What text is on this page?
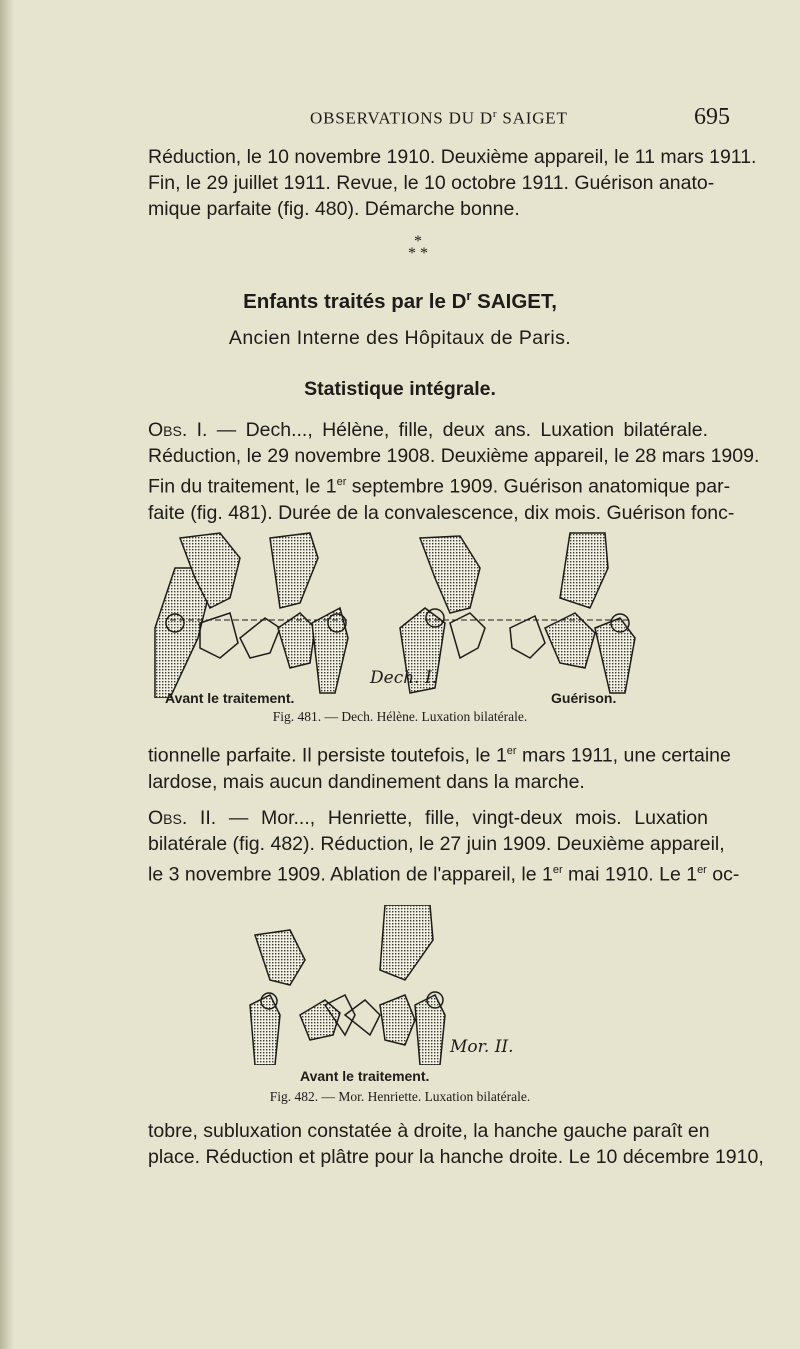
OBSERVATIONS DU $D^r$ SAIGET	695
Réduction, le 10 novembre 1910. Deuxième appareil, le 11 mars 1911.
Fin, le 29 juillet 1911. Revue, le 10 octobre 1911. Guérison anato-
mique parfaite (fig. 480). Démarche bonne.
*
* *
Enfants traités par le $D^r$ SAIGET,
Ancien Interne des Hôpitaux de Paris.
Statistique intégrale.
Obs. I. — Dech..., Hélène, fille, deux ans. Luxation bilatérale.
Réduction, le 29 novembre 1908. Deuxième appareil, le 28 mars 1909.
Fin du traitement, le 1er septembre 1909. Guérison anatomique par-
faite (fig. 481). Durée de la convalescence, dix mois. Guérison fonc-
Dech. I.
Avant le traitement.	Guérison.
Fig. 481. — Dech. Hélène. Luxation bilatérale.
tionnelle parfaite. Il persiste toutefois, le 1er mars 1911, une certaine
lardose, mais aucun dandinement dans la marche.
Obs. II. — Mor..., Henriette, fille, vingt-deux mois. Luxation
bilatérale (fig. 482). Réduction, le 27 juin 1909. Deuxième appareil,
le 3 novembre 1909. Ablation de l'appareil, le 1er mai 1910. Le 1er oc-
Mor. II.
Avant le traitement.
Fig. 482. — Mor. Henriette. Luxation bilatérale.
tobre, subluxation constatée à droite, la hanche gauche paraît en
place. Réduction et plâtre pour la hanche droite. Le 10 décembre 1910,
